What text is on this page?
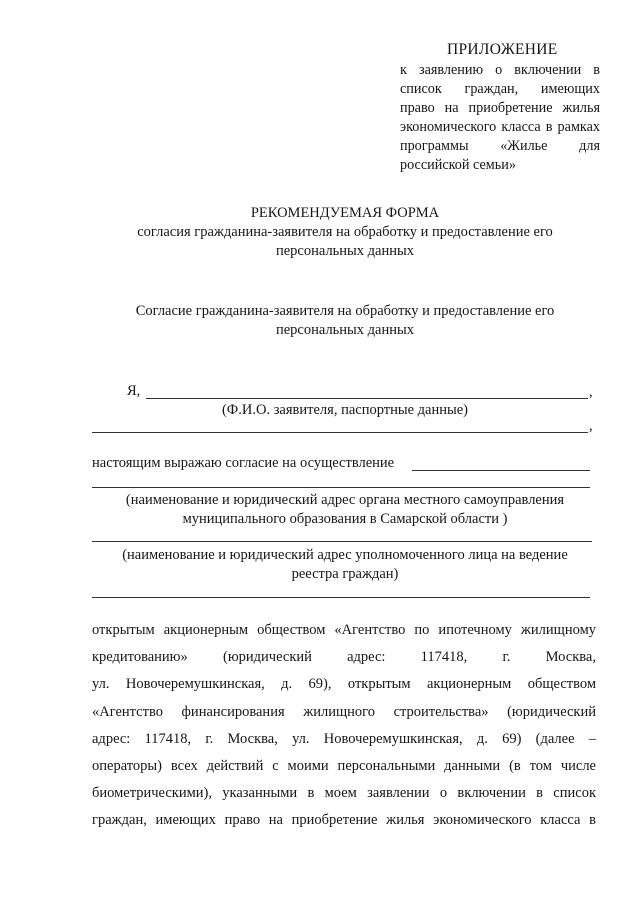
ПРИЛОЖЕНИЕ
к заявлению о включении в
список граждан, имеющих
право на приобретение жилья
экономического класса в рамках
программы «Жилье для
российской семьи»
РЕКОМЕНДУЕМАЯ ФОРМА
согласия гражданина-заявителя на обработку и предоставление его
персональных данных
Согласие гражданина-заявителя на обработку и предоставление его
персональных данных
Я,	,
(Ф.И.О. заявителя, паспортные данные)
,
настоящим выражаю согласие на осуществление
(наименование и юридический адрес органа местного самоуправления
муниципального образования в Самарской области )
(наименование и юридический адрес уполномоченного лица на ведение
реестра граждан)
открытым акционерным обществом «Агентство по ипотечному жилищному
кредитованию» (юридический адрес: 117418, г. Москва,
ул. Новочеремушкинская, д. 69), открытым акционерным обществом
«Агентство финансирования жилищного строительства» (юридический
адрес: 117418, г. Москва, ул. Новочеремушкинская, д. 69) (далее –
операторы) всех действий с моими персональными данными (в том числе
биометрическими), указанными в моем заявлении о включении в список
граждан, имеющих право на приобретение жилья экономического класса в
